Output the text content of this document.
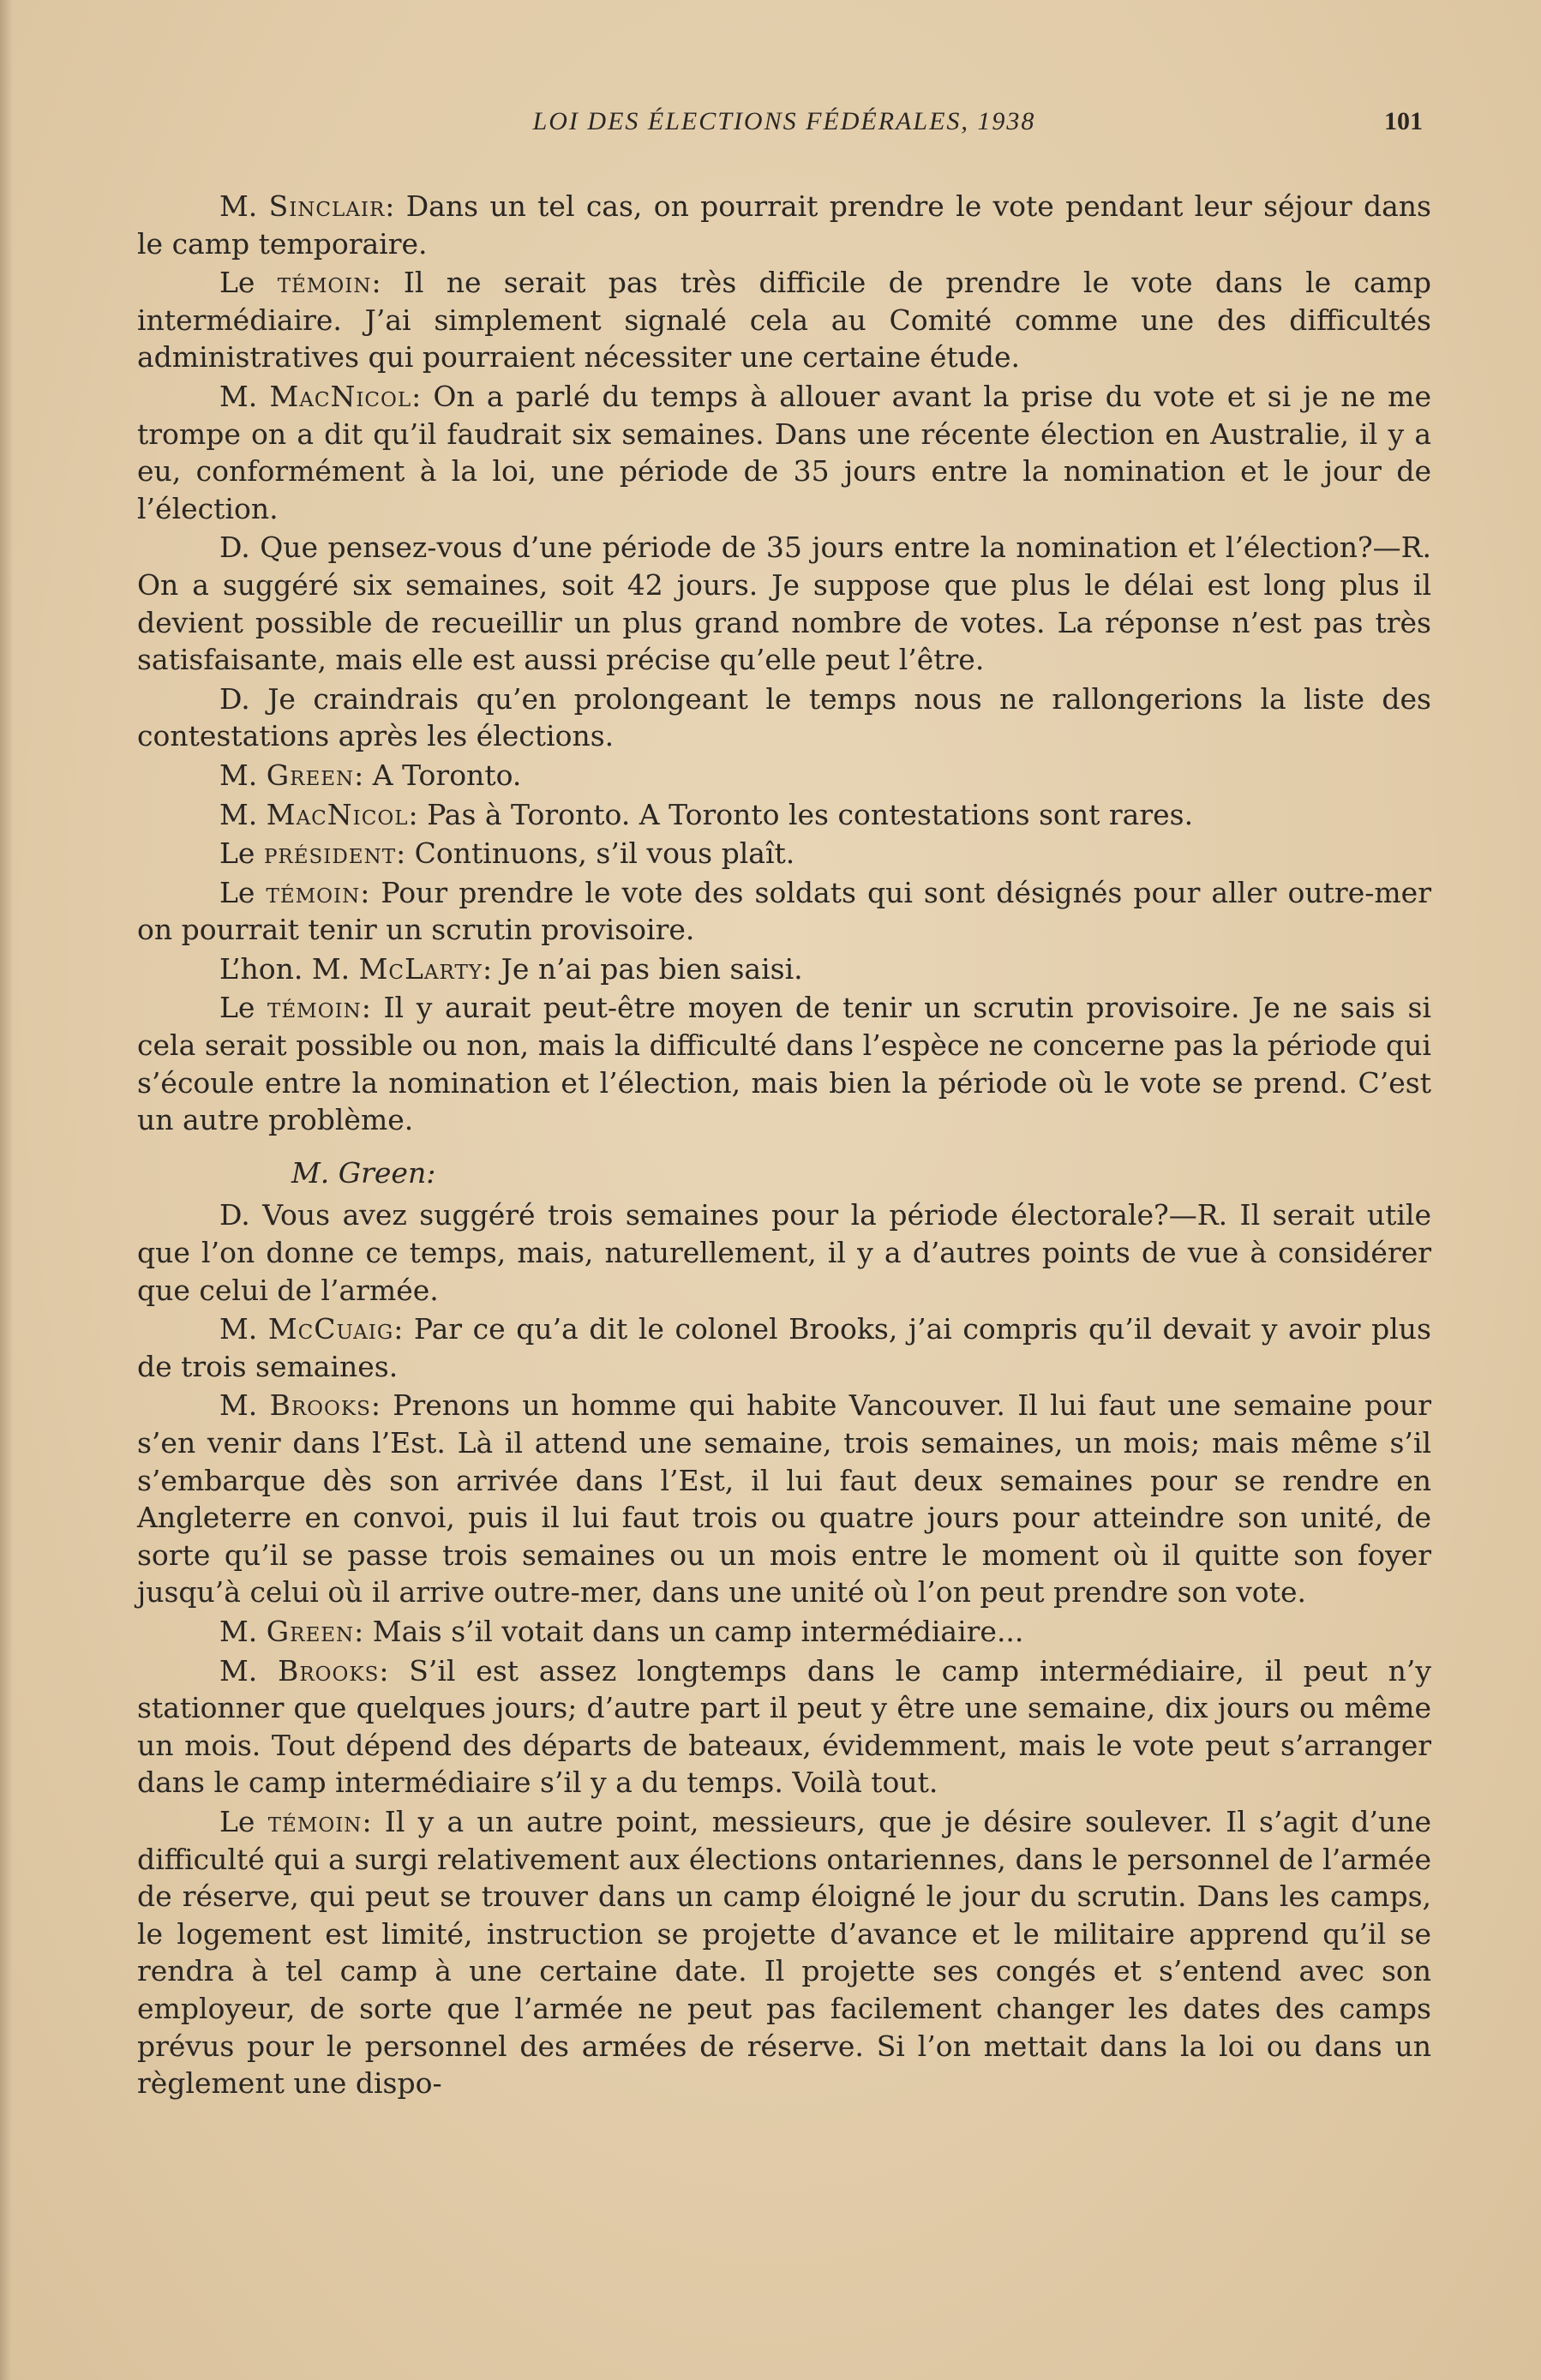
LOI DES ÉLECTIONS FÉDÉRALES, 1938	101

M. Sinclair: Dans un tel cas, on pourrait prendre le vote pendant leur séjour dans le camp temporaire.

Le témoin: Il ne serait pas très difficile de prendre le vote dans le camp intermédiaire. J’ai simplement signalé cela au Comité comme une des difficultés administratives qui pourraient nécessiter une certaine étude.

M. MacNicol: On a parlé du temps à allouer avant la prise du vote et si je ne me trompe on a dit qu’il faudrait six semaines. Dans une récente élection en Australie, il y a eu, conformément à la loi, une période de 35 jours entre la nomination et le jour de l’élection.

D. Que pensez-vous d’une période de 35 jours entre la nomination et l’élection?—R. On a suggéré six semaines, soit 42 jours. Je suppose que plus le délai est long plus il devient possible de recueillir un plus grand nombre de votes. La réponse n’est pas très satisfaisante, mais elle est aussi précise qu’elle peut l’être.

D. Je craindrais qu’en prolongeant le temps nous ne rallongerions la liste des contestations après les élections.

M. Green: A Toronto.

M. MacNicol: Pas à Toronto. A Toronto les contestations sont rares.

Le président: Continuons, s’il vous plaît.

Le témoin: Pour prendre le vote des soldats qui sont désignés pour aller outre-mer on pourrait tenir un scrutin provisoire.

L’hon. M. McLarty: Je n’ai pas bien saisi.

Le témoin: Il y aurait peut-être moyen de tenir un scrutin provisoire. Je ne sais si cela serait possible ou non, mais la difficulté dans l’espèce ne concerne pas la période qui s’écoule entre la nomination et l’élection, mais bien la période où le vote se prend. C’est un autre problème.

M. Green:

D. Vous avez suggéré trois semaines pour la période électorale?—R. Il serait utile que l’on donne ce temps, mais, naturellement, il y a d’autres points de vue à considérer que celui de l’armée.

M. McCuaig: Par ce qu’a dit le colonel Brooks, j’ai compris qu’il devait y avoir plus de trois semaines.

M. Brooks: Prenons un homme qui habite Vancouver. Il lui faut une semaine pour s’en venir dans l’Est. Là il attend une semaine, trois semaines, un mois; mais même s’il s’embarque dès son arrivée dans l’Est, il lui faut deux semaines pour se rendre en Angleterre en convoi, puis il lui faut trois ou quatre jours pour atteindre son unité, de sorte qu’il se passe trois semaines ou un mois entre le moment où il quitte son foyer jusqu’à celui où il arrive outre-mer, dans une unité où l’on peut prendre son vote.

M. Green: Mais s’il votait dans un camp intermédiaire...

M. Brooks: S’il est assez longtemps dans le camp intermédiaire, il peut n’y stationner que quelques jours; d’autre part il peut y être une semaine, dix jours ou même un mois. Tout dépend des départs de bateaux, évidemment, mais le vote peut s’arranger dans le camp intermédiaire s’il y a du temps. Voilà tout.

Le témoin: Il y a un autre point, messieurs, que je désire soulever. Il s’agit d’une difficulté qui a surgi relativement aux élections ontariennes, dans le personnel de l’armée de réserve, qui peut se trouver dans un camp éloigné le jour du scrutin. Dans les camps, le logement est limité, instruction se projette d’avance et le militaire apprend qu’il se rendra à tel camp à une certaine date. Il projette ses congés et s’entend avec son employeur, de sorte que l’armée ne peut pas facilement changer les dates des camps prévus pour le personnel des armées de réserve. Si l’on mettait dans la loi ou dans un règlement une dispo-
